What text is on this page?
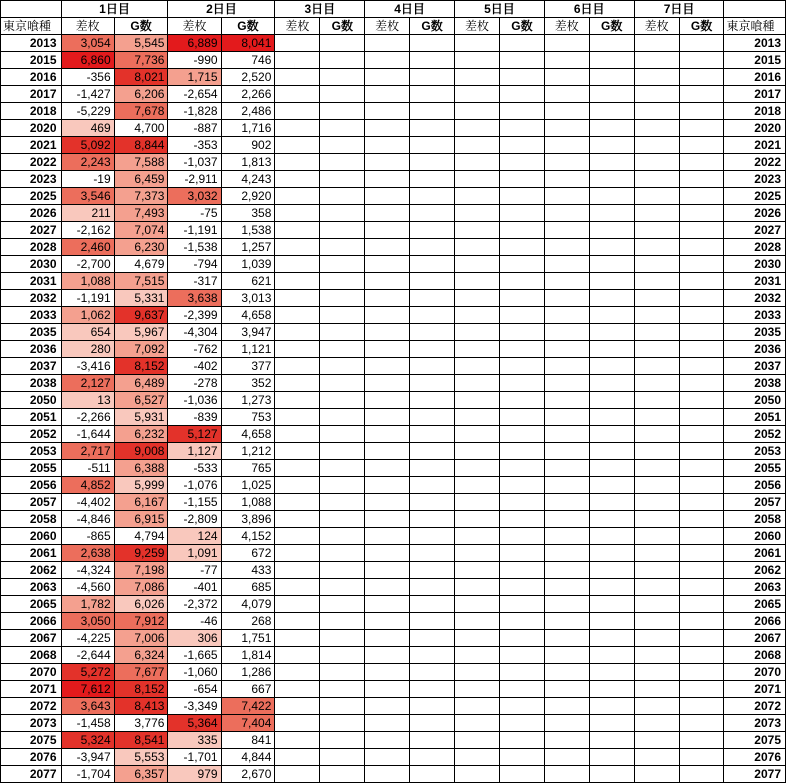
	1日目		2日目		3日目		4日目		5日目		6日目		7日目		
東京喰種	差枚	G数	差枚	G数	差枚	G数	差枚	G数	差枚	G数	差枚	G数	差枚	G数	東京喰種
2013	3,054	5,545	6,889	8,041											2013
2015	6,860	7,736	-990	746											2015
2016	-356	8,021	1,715	2,520											2016
2017	-1,427	6,206	-2,654	2,266											2017
2018	-5,229	7,678	-1,828	2,486											2018
2020	469	4,700	-887	1,716											2020
2021	5,092	8,844	-353	902											2021
2022	2,243	7,588	-1,037	1,813											2022
2023	-19	6,459	-2,911	4,243											2023
2025	3,546	7,373	3,032	2,920											2025
2026	211	7,493	-75	358											2026
2027	-2,162	7,074	-1,191	1,538											2027
2028	2,460	6,230	-1,538	1,257											2028
2030	-2,700	4,679	-794	1,039											2030
2031	1,088	7,515	-317	621											2031
2032	-1,191	5,331	3,638	3,013											2032
2033	1,062	9,637	-2,399	4,658											2033
2035	654	5,967	-4,304	3,947											2035
2036	280	7,092	-762	1,121											2036
2037	-3,416	8,152	-402	377											2037
2038	2,127	6,489	-278	352											2038
2050	13	6,527	-1,036	1,273											2050
2051	-2,266	5,931	-839	753											2051
2052	-1,644	6,232	5,127	4,658											2052
2053	2,717	9,008	1,127	1,212											2053
2055	-511	6,388	-533	765											2055
2056	4,852	5,999	-1,076	1,025											2056
2057	-4,402	6,167	-1,155	1,088											2057
2058	-4,846	6,915	-2,809	3,896											2058
2060	-865	4,794	124	4,152											2060
2061	2,638	9,259	1,091	672											2061
2062	-4,324	7,198	-77	433											2062
2063	-4,560	7,086	-401	685											2063
2065	1,782	6,026	-2,372	4,079											2065
2066	3,050	7,912	-46	268											2066
2067	-4,225	7,006	306	1,751											2067
2068	-2,644	6,324	-1,665	1,814											2068
2070	5,272	7,677	-1,060	1,286											2070
2071	7,612	8,152	-654	667											2071
2072	3,643	8,413	-3,349	7,422											2072
2073	-1,458	3,776	5,364	7,404											2073
2075	5,324	8,541	335	841											2075
2076	-3,947	5,553	-1,701	4,844											2076
2077	-1,704	6,357	979	2,670											2077
